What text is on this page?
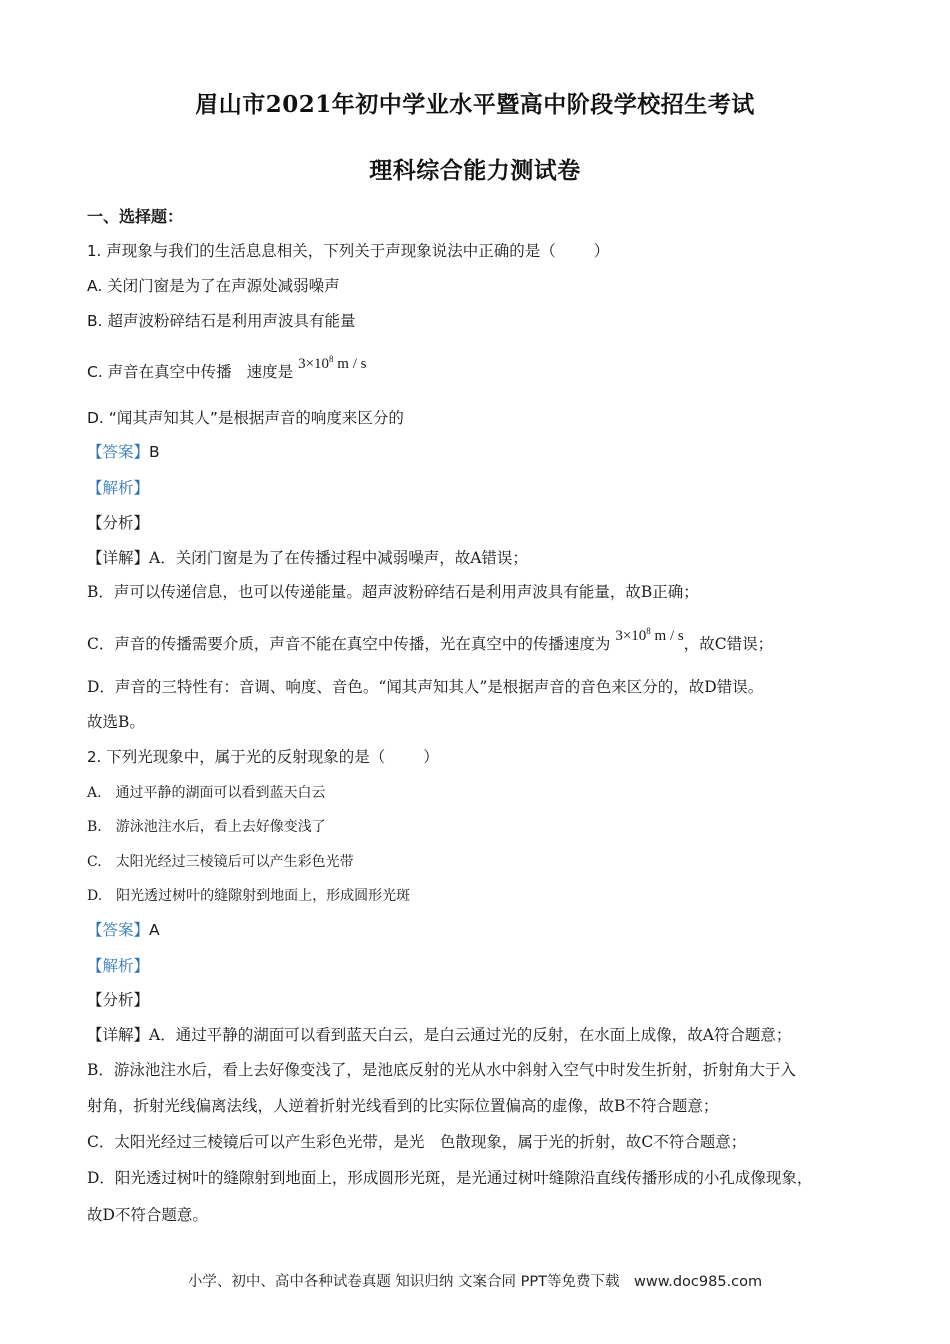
眉山市2021年初中学业水平暨高中阶段学校招生考试
理科综合能力测试卷
一、选择题：
1. 声现象与我们的生活息息相关，下列关于声现象说法中正确的是（ ）
A. 关闭门窗是为了在声源处减弱噪声
B. 超声波粉碎结石是利用声波具有能量
C. 声音在真空中传播 速度是 $3\times 10^8$ m / s
D. “闻其声知其人”是根据声音的响度来区分的
【答案】B
【解析】
【分析】
【详解】A．关闭门窗是为了在传播过程中减弱噪声，故A错误；
B．声可以传递信息，也可以传递能量。超声波粉碎结石是利用声波具有能量，故B正确；
C．声音的传播需要介质，声音不能在真空中传播，光在真空中的传播速度为 $3\times 10^8$ m / s，故C错误；
D．声音的三特性有：音调、响度、音色。“闻其声知其人”是根据声音的音色来区分的，故D错误。
故选B。
2. 下列光现象中，属于光的反射现象的是（ ）
A.　通过平静的湖面可以看到蓝天白云
B.　游泳池注水后，看上去好像变浅了
C.　太阳光经过三棱镜后可以产生彩色光带
D.　阳光透过树叶的缝隙射到地面上，形成圆形光斑
【答案】A
【解析】
【分析】
【详解】A．通过平静的湖面可以看到蓝天白云，是白云通过光的反射，在水面上成像，故A符合题意；
B．游泳池注水后，看上去好像变浅了，是池底反射的光从水中斜射入空气中时发生折射，折射角大于入
射角，折射光线偏离法线，人逆着折射光线看到的比实际位置偏高的虚像，故B不符合题意；
C．太阳光经过三棱镜后可以产生彩色光带，是光　色散现象，属于光的折射，故C不符合题意；
D．阳光透过树叶的缝隙射到地面上，形成圆形光斑，是光通过树叶缝隙沿直线传播形成的小孔成像现象，
故D不符合题意。
小学、初中、高中各种试卷真题 知识归纳 文案合同 PPT等免费下载　www.doc985.com
